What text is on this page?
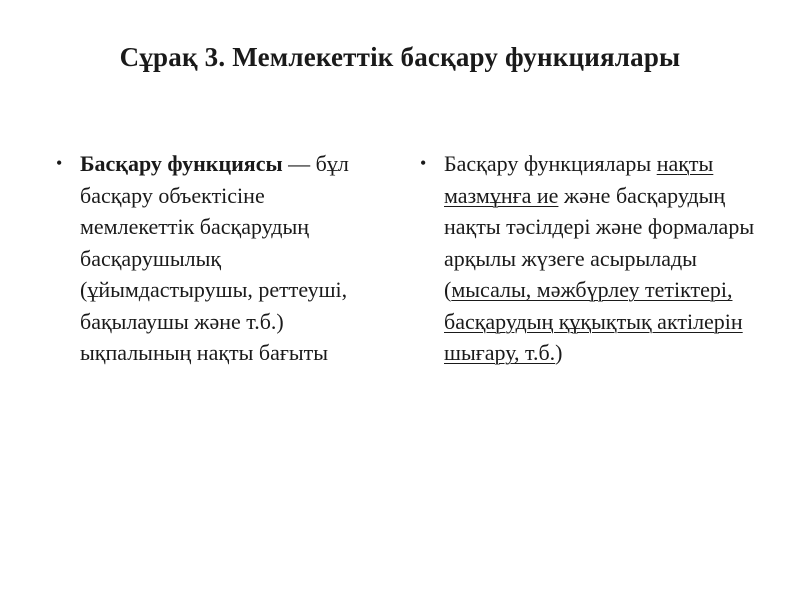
Сұрақ 3. Мемлекеттік басқару функциялары
• Басқару функциясы — бұл басқару объектісіне мемлекеттік басқарудың басқарушылық (ұйымдастырушы, реттеуші, бақылаушы және т.б.) ықпалының нақты бағыты
• Басқару функциялары нақты мазмұнға ие және басқарудың нақты тәсілдері және формалары арқылы жүзеге асырылады (мысалы, мәжбүрлеу тетіктері, басқарудың құқықтық актілерін шығару, т.б.)
